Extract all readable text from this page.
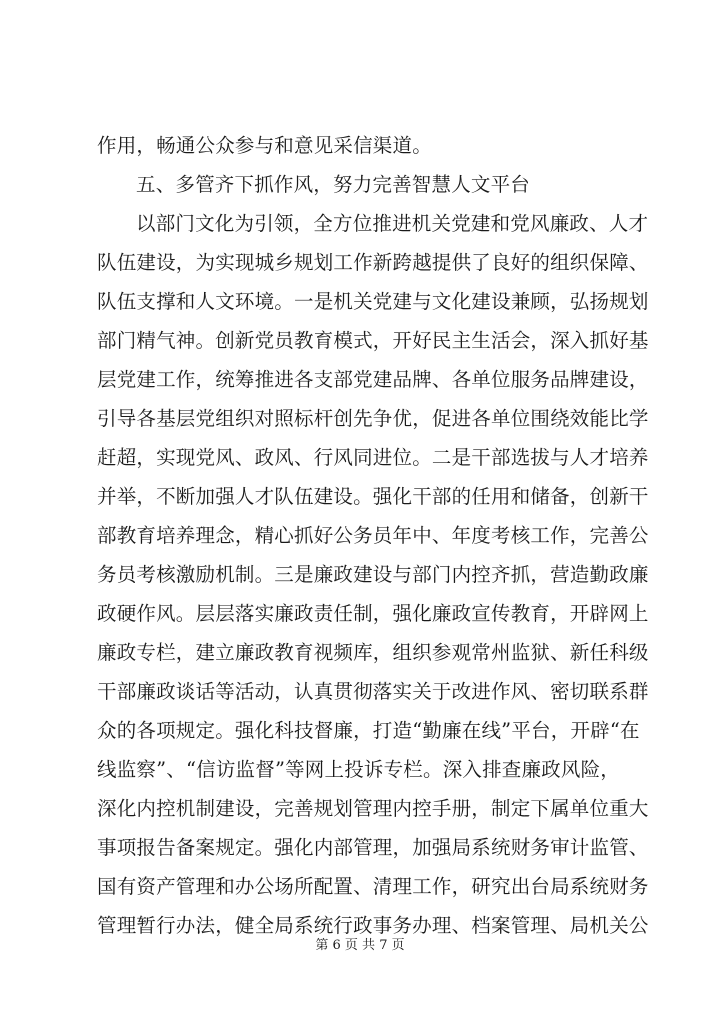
作用，畅通公众参与和意见采信渠道。
五、多管齐下抓作风，努力完善智慧人文平台
以部门文化为引领，全方位推进机关党建和党风廉政、人才
队伍建设，为实现城乡规划工作新跨越提供了良好的组织保障、
队伍支撑和人文环境。一是机关党建与文化建设兼顾，弘扬规划
部门精气神。创新党员教育模式，开好民主生活会，深入抓好基
层党建工作，统筹推进各支部党建品牌、各单位服务品牌建设，
引导各基层党组织对照标杆创先争优，促进各单位围绕效能比学
赶超，实现党风、政风、行风同进位。二是干部选拔与人才培养
并举，不断加强人才队伍建设。强化干部的任用和储备，创新干
部教育培养理念，精心抓好公务员年中、年度考核工作，完善公
务员考核激励机制。三是廉政建设与部门内控齐抓，营造勤政廉
政硬作风。层层落实廉政责任制，强化廉政宣传教育，开辟网上
廉政专栏，建立廉政教育视频库，组织参观常州监狱、新任科级
干部廉政谈话等活动，认真贯彻落实关于改进作风、密切联系群
众的各项规定。强化科技督廉，打造“勤廉在线”平台，开辟“在
线监察”、“信访监督”等网上投诉专栏。深入排查廉政风险，
深化内控机制建设，完善规划管理内控手册，制定下属单位重大
事项报告备案规定。强化内部管理，加强局系统财务审计监管、
国有资产管理和办公场所配置、清理工作，研究出台局系统财务
管理暂行办法，健全局系统行政事务办理、档案管理、局机关公
第 6 页 共 7 页
